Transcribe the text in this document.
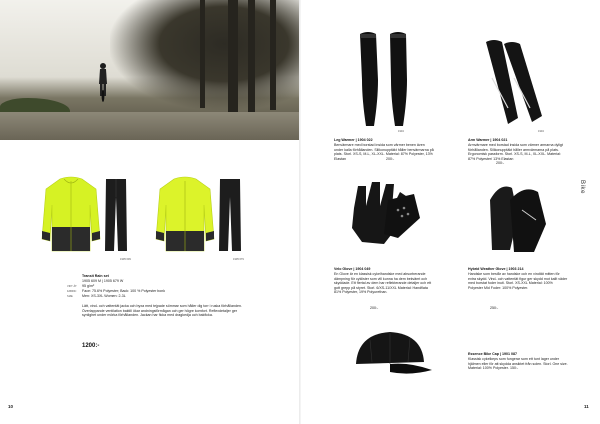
1905 609	1905 679
Transit Rain set
1905 609 M | 1905 679 W
VIKT ÅT 95 g/m²
FABRIC Face: 75.6% Polyester; Back: 100 % Polyester bonk
SIZE	Men: XS-3XL Women: 2-3L
Lätt, vind- och vattentät jacka och byxa med tejpade sömmar som håller dig torr i ruska förhållanden. Överlappande ventilation baktill ökar andningsförmågan och ger högre komfort. Reflexdetaljer ger synlighet under mörka förhållanden. Jackan har ficka med dragkedja och bakficka.
1200:-
10
1904
Leg Warmer | 1904 022
Benvärmare med borstad insida som värmer benen även under kalla förhållanden. Silikonupptäkt håller benvärmarna på plats. Storl. XS-S, M-L, XL-XXL. Material: 87% Polyester, 13% Elastan	200:-
1904
Arm Warmer | 1904 021
Armvärmare med borstad insida som värmer armarna dyligt förhållanden. Silikonupptäkt håller armvärmarna på plats. Ergonomisk passform. Storl. XS-S, M-L, XL-XXL. Material: 87% Polyester/ 13% Elastan
200:-
Velo Glove | 1904 049
En Glove är en klassisk cykelhandske med absorberande dämpning för cyklister som vill kunna ha dem bekvämt och skyddade. Ett flertal av dem har reflekterande detaljer och ett gott grepp på styret. Storl. 6/XS-11/XXL Material: Handflata 81% Polyester, 19% Polyurethan.
200:-
Hybrid Weather Glove | 1903 214
Handske som består av handske och en vindtät mitten för extra skydd. Vind- och vattentät figur ger skydd mot kallt väder med borstat foder inuti. Storl. XS-XXL Material: 100% Polyester Mid Foder: 100% Polyester.
250:-
Essence Bike Cap | 1901 087
Klassisk cykelkeps som fungerar som ett tunt lager under hjälmen eller för att skydda ansiktet från solen. Storl. One size. Material: 100% Polyester. 150:-
Bike
11
